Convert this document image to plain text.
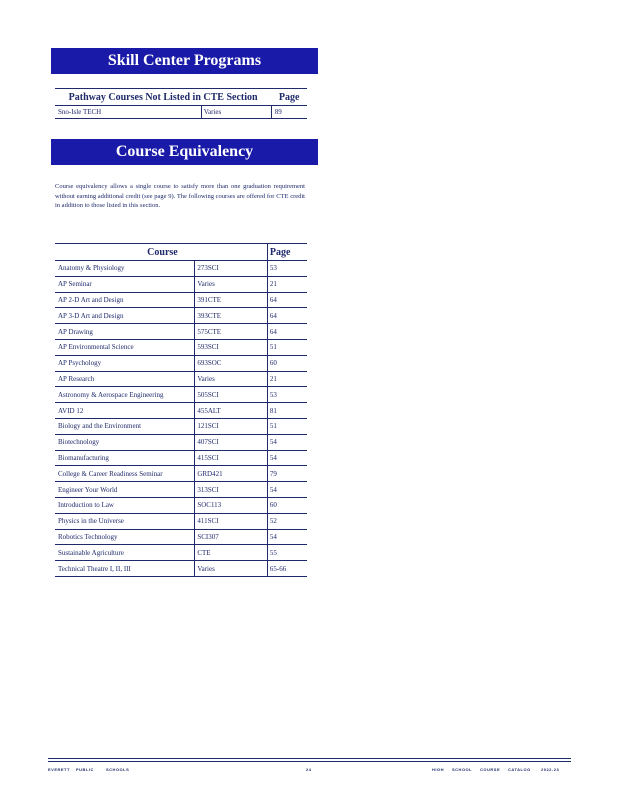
Skill Center Programs
Pathway Courses Not Listed in CTE Section		Page
Sno-Isle TECH	Varies	89
Course Equivalency
Course equivalency allows a single course to satisfy more than one graduation requirement without earning additional credit (see page 9). The following courses are offered for CTE credit in addition to those listed in this section.
Course		Page
Anatomy & Physiology	273SCI	53
AP Seminar	Varies	21
AP 2-D Art and Design	391CTE	64
AP 3-D Art and Design	393CTE	64
AP Drawing	575CTE	64
AP Environmental Science	593SCI	51
AP Psychology	693SOC	60
AP Research	Varies	21
Astronomy & Aerospace Engineering	505SCI	53
AVID 12	455ALT	81
Biology and the Environment	121SCI	51
Biotechnology	407SCI	54
Biomanufacturing	415SCI	54
College & Career Readiness Seminar	GRD421	79
Engineer Your World	313SCI	54
Introduction to Law	SOC113	60
Physics in the Universe	411SCI	52
Robotics Technology	SCI307	54
Sustainable Agriculture	CTE	55
Technical Theatre I, II, III	Varies	65-66
EVERETT PUBLIC	SCHOOLS	24	HIGH SCHOOL COURSE CATALOG	2022-23
